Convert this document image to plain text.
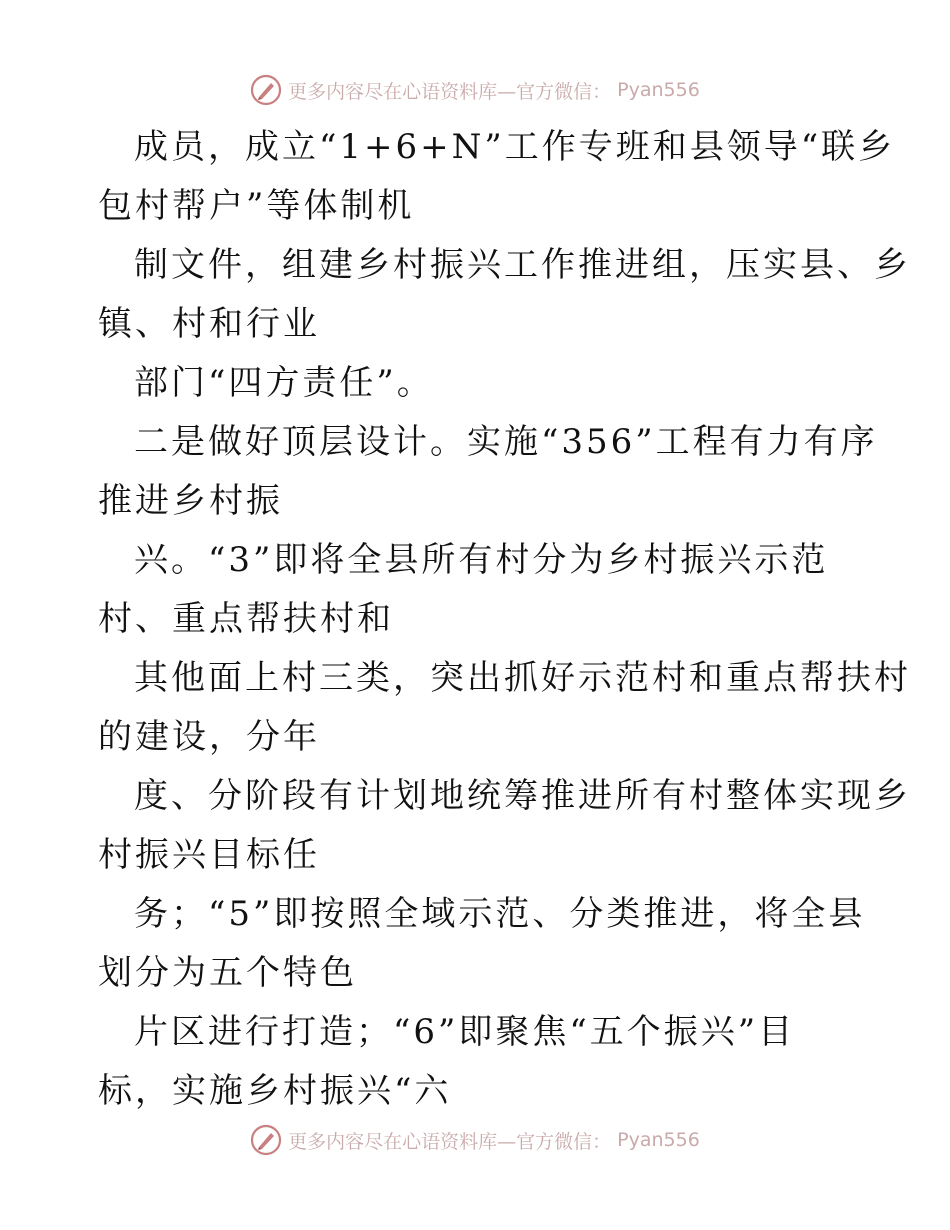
更多内容尽在心语资料库—官方微信： Pyan556
成员，成立“1+6+N”工作专班和县领导“联乡
包村帮户”等体制机
制文件，组建乡村振兴工作推进组，压实县、乡
镇、村和行业
部门“四方责任”。
二是做好顶层设计。实施“356”工程有力有序
推进乡村振
兴。“3”即将全县所有村分为乡村振兴示范
村、重点帮扶村和
其他面上村三类，突出抓好示范村和重点帮扶村
的建设，分年
度、分阶段有计划地统筹推进所有村整体实现乡
村振兴目标任
务；“5”即按照全域示范、分类推进，将全县
划分为五个特色
片区进行打造；“6”即聚焦“五个振兴”目
标，实施乡村振兴“六
更多内容尽在心语资料库—官方微信： Pyan556
